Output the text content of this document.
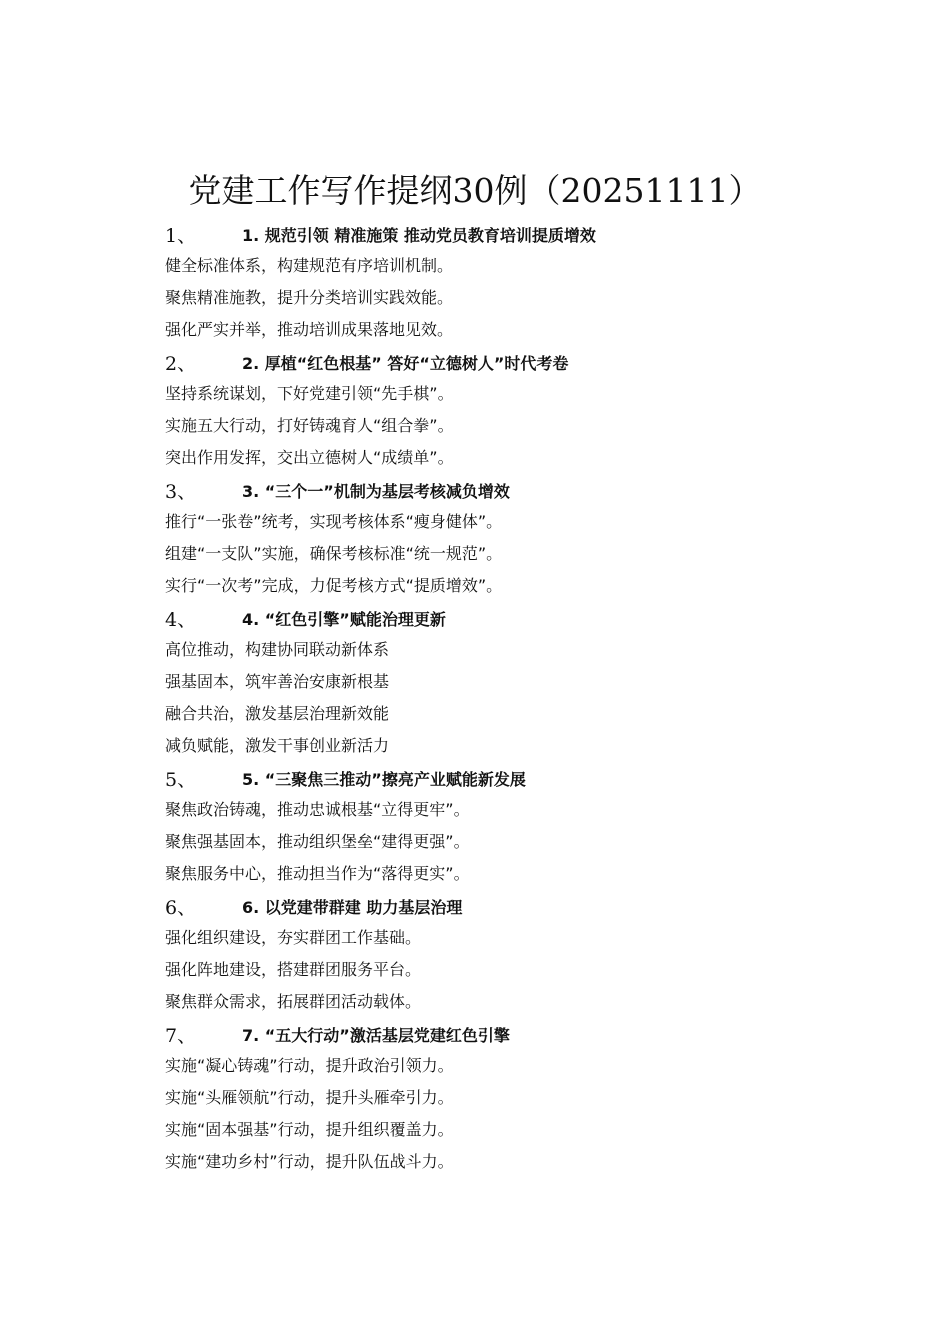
党建工作写作提纲30例（20251111）
1、	1. 规范引领 精准施策 推动党员教育培训提质增效
健全标准体系，构建规范有序培训机制。
聚焦精准施教，提升分类培训实践效能。
强化严实并举，推动培训成果落地见效。
2、	2. 厚植“红色根基” 答好“立德树人”时代考卷
坚持系统谋划，下好党建引领“先手棋”。
实施五大行动，打好铸魂育人“组合拳”。
突出作用发挥，交出立德树人“成绩单”。
3、	3. “三个一”机制为基层考核减负增效
推行“一张卷”统考，实现考核体系“瘦身健体”。
组建“一支队”实施，确保考核标准“统一规范”。
实行“一次考”完成，力促考核方式“提质增效”。
4、	4. “红色引擎”赋能治理更新
高位推动，构建协同联动新体系
强基固本，筑牢善治安康新根基
融合共治，激发基层治理新效能
减负赋能，激发干事创业新活力
5、	5. “三聚焦三推动”擦亮产业赋能新发展
聚焦政治铸魂，推动忠诚根基“立得更牢”。
聚焦强基固本，推动组织堡垒“建得更强”。
聚焦服务中心，推动担当作为“落得更实”。
6、	6. 以党建带群建 助力基层治理
强化组织建设，夯实群团工作基础。
强化阵地建设，搭建群团服务平台。
聚焦群众需求，拓展群团活动载体。
7、	7. “五大行动”激活基层党建红色引擎
实施“凝心铸魂”行动，提升政治引领力。
实施“头雁领航”行动，提升头雁牵引力。
实施“固本强基”行动，提升组织覆盖力。
实施“建功乡村”行动，提升队伍战斗力。
